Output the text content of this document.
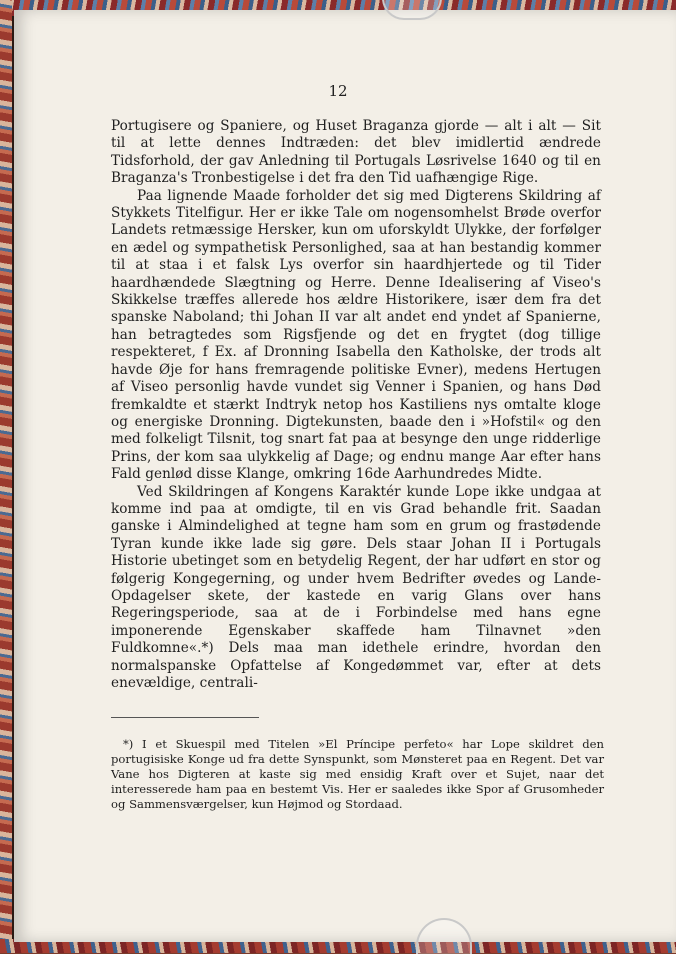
12

Portugisere og Spaniere, og Huset Braganza gjorde — alt i alt — Sit til at lette dennes Indtræden: det blev imidlertid ændrede Tidsforhold, der gav Anledning til Portugals Løsrivelse 1640 og til en Braganza's Tronbestigelse i det fra den Tid uafhængige Rige.

Paa lignende Maade forholder det sig med Digterens Skildring af Stykkets Titelfigur. Her er ikke Tale om nogensomhelst Brøde overfor Landets retmæssige Hersker, kun om uforskyldt Ulykke, der forfølger en ædel og sympathetisk Personlighed, saa at han bestandig kommer til at staa i et falsk Lys overfor sin haardhjertede og til Tider haardhændede Slægtning og Herre. Denne Idealisering af Viseo's Skikkelse træffes allerede hos ældre Historikere, især dem fra det spanske Naboland; thi Johan II var alt andet end yndet af Spanierne, han betragtedes som Rigsfjende og det en frygtet (dog tillige respekteret, f Ex. af Dronning Isabella den Katholske, der trods alt havde Øje for hans fremragende politiske Evner), medens Hertugen af Viseo personlig havde vundet sig Venner i Spanien, og hans Død fremkaldte et stærkt Indtryk netop hos Kastiliens nys omtalte kloge og energiske Dronning. Digtekunsten, baade den i »Hofstil« og den med folkeligt Tilsnit, tog snart fat paa at besynge den unge ridderlige Prins, der kom saa ulykkelig af Dage; og endnu mange Aar efter hans Fald genlød disse Klange, omkring 16de Aarhundredes Midte.

Ved Skildringen af Kongens Karaktér kunde Lope ikke undgaa at komme ind paa at omdigte, til en vis Grad behandle frit. Saadan ganske i Almindelighed at tegne ham som en grum og frastødende Tyran kunde ikke lade sig gøre. Dels staar Johan II i Portugals Historie ubetinget som en betydelig Regent, der har udført en stor og følgerig Kongegerning, og under hvem Bedrifter øvedes og Lande-Opdagelser skete, der kastede en varig Glans over hans Regeringsperiode, saa at de i Forbindelse med hans egne imponerende Egenskaber skaffede ham Tilnavnet »den Fuldkomne«.*) Dels maa man idethele erindre, hvordan den normalspanske Opfattelse af Kongedømmet var, efter at dets enevældige, centrali-

*) I et Skuespil med Titelen »El Príncipe perfeto« har Lope skildret den portugisiske Konge ud fra dette Synspunkt, som Mønsteret paa en Regent. Det var Vane hos Digteren at kaste sig med ensidig Kraft over et Sujet, naar det interesserede ham paa en bestemt Vis. Her er saaledes ikke Spor af Grusomheder og Sammensværgelser, kun Højmod og Stordaad.
